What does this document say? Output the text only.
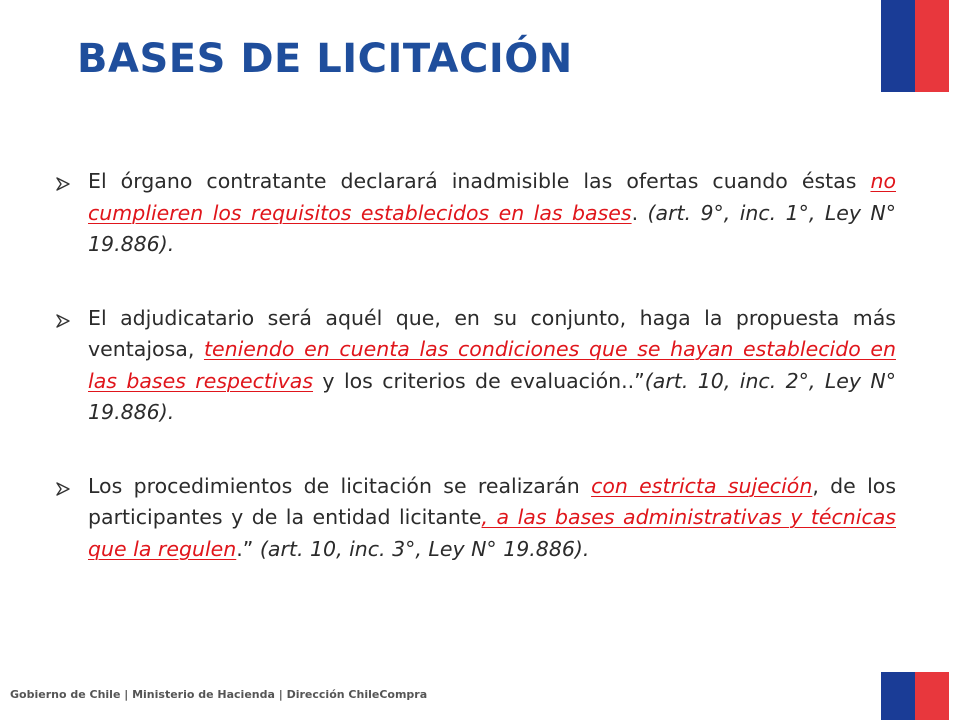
BASES DE LICITACIÓN

El órgano contratante declarará inadmisible las ofertas cuando éstas no cumplieren los requisitos establecidos en las bases. (art. 9°, inc. 1°, Ley N° 19.886).

El adjudicatario será aquél que, en su conjunto, haga la propuesta más ventajosa, teniendo en cuenta las condiciones que se hayan establecido en las bases respectivas y los criterios de evaluación..”(art. 10, inc. 2°, Ley N° 19.886).

Los procedimientos de licitación se realizarán con estricta sujeción, de los participantes y de la entidad licitante, a las bases administrativas y técnicas que la regulen.” (art. 10, inc. 3°, Ley N° 19.886).

Gobierno de Chile | Ministerio de Hacienda | Dirección ChileCompra
